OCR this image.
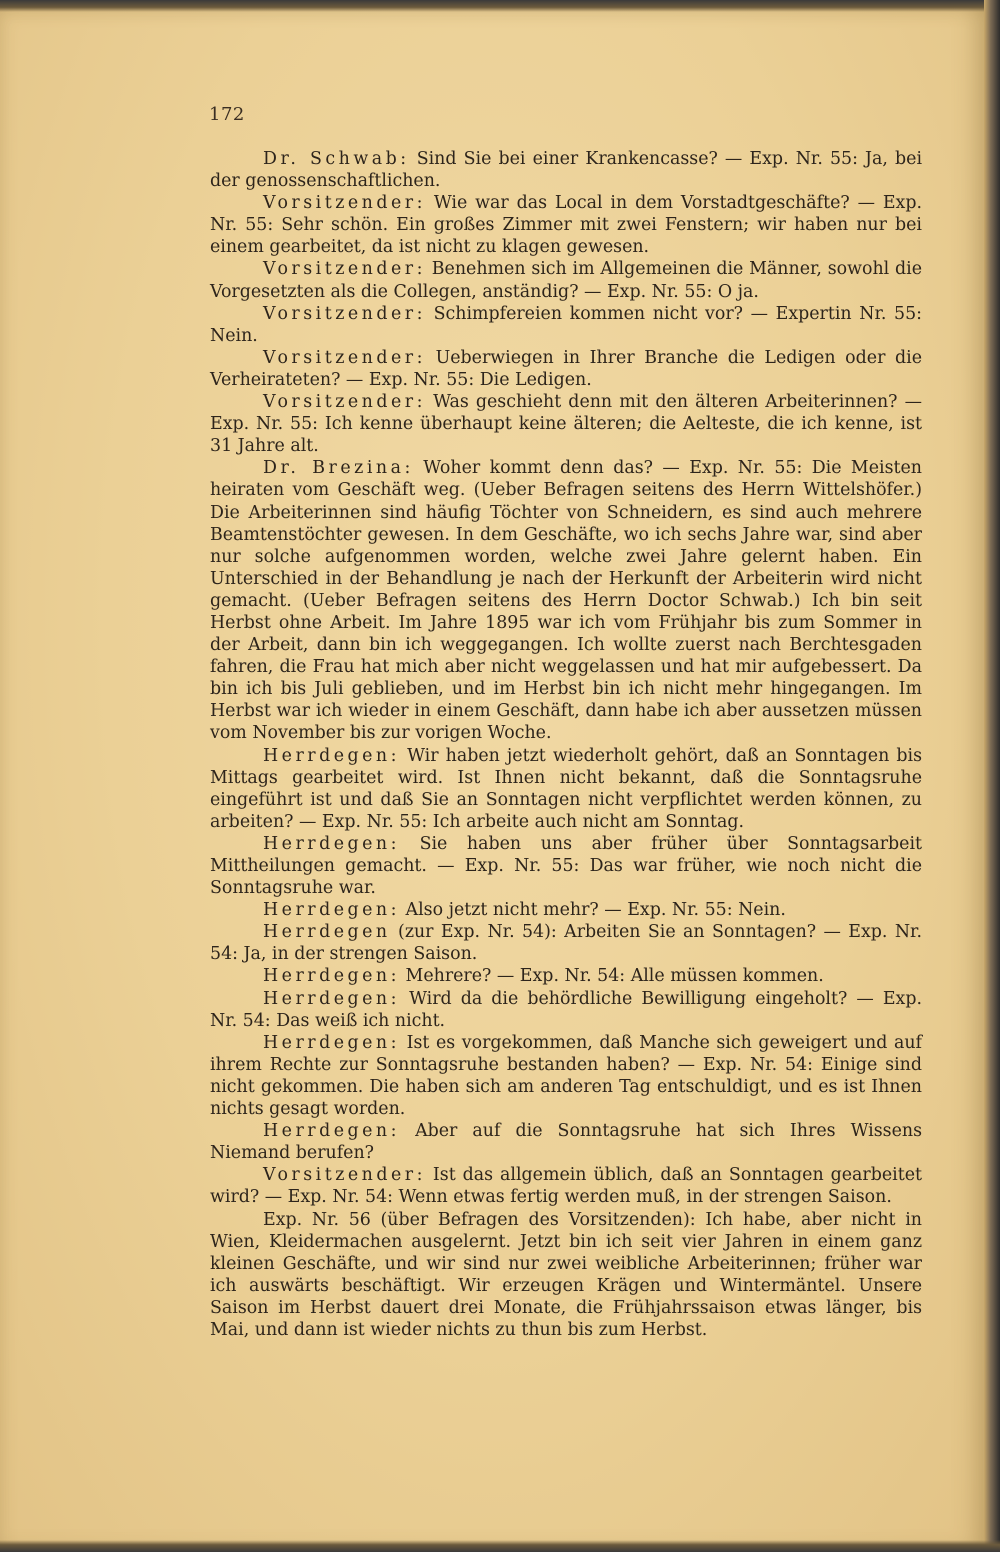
172

Dr. Schwab: Sind Sie bei einer Krankencasse? — Exp. Nr. 55: Ja, bei der genossenschaftlichen.

Vorsitzender: Wie war das Local in dem Vorstadtgeschäfte? — Exp. Nr. 55: Sehr schön. Ein großes Zimmer mit zwei Fenstern; wir haben nur bei einem gearbeitet, da ist nicht zu klagen gewesen.

Vorsitzender: Benehmen sich im Allgemeinen die Männer, sowohl die Vorgesetzten als die Collegen, anständig? — Exp. Nr. 55: O ja.

Vorsitzender: Schimpfereien kommen nicht vor? — Expertin Nr. 55: Nein.

Vorsitzender: Ueberwiegen in Ihrer Branche die Ledigen oder die Verheirateten? — Exp. Nr. 55: Die Ledigen.

Vorsitzender: Was geschieht denn mit den älteren Arbeiterinnen? — Exp. Nr. 55: Ich kenne überhaupt keine älteren; die Aelteste, die ich kenne, ist 31 Jahre alt.

Dr. Brezina: Woher kommt denn das? — Exp. Nr. 55: Die Meisten heiraten vom Geschäft weg. (Ueber Befragen seitens des Herrn Wittelshöfer.) Die Arbeiterinnen sind häufig Töchter von Schneidern, es sind auch mehrere Beamtenstöchter gewesen. In dem Geschäfte, wo ich sechs Jahre war, sind aber nur solche aufgenommen worden, welche zwei Jahre gelernt haben. Ein Unterschied in der Behandlung je nach der Herkunft der Arbeiterin wird nicht gemacht. (Ueber Befragen seitens des Herrn Doctor Schwab.) Ich bin seit Herbst ohne Arbeit. Im Jahre 1895 war ich vom Frühjahr bis zum Sommer in der Arbeit, dann bin ich weggegangen. Ich wollte zuerst nach Berchtesgaden fahren, die Frau hat mich aber nicht weggelassen und hat mir aufgebessert. Da bin ich bis Juli geblieben, und im Herbst bin ich nicht mehr hingegangen. Im Herbst war ich wieder in einem Geschäft, dann habe ich aber aussetzen müssen vom November bis zur vorigen Woche.

Herrdegen: Wir haben jetzt wiederholt gehört, daß an Sonntagen bis Mittags gearbeitet wird. Ist Ihnen nicht bekannt, daß die Sonntagsruhe eingeführt ist und daß Sie an Sonntagen nicht verpflichtet werden können, zu arbeiten? — Exp. Nr. 55: Ich arbeite auch nicht am Sonntag.

Herrdegen: Sie haben uns aber früher über Sonntagsarbeit Mittheilungen gemacht. — Exp. Nr. 55: Das war früher, wie noch nicht die Sonntagsruhe war.

Herrdegen: Also jetzt nicht mehr? — Exp. Nr. 55: Nein.

Herrdegen (zur Exp. Nr. 54): Arbeiten Sie an Sonntagen? — Exp. Nr. 54: Ja, in der strengen Saison.

Herrdegen: Mehrere? — Exp. Nr. 54: Alle müssen kommen.

Herrdegen: Wird da die behördliche Bewilligung eingeholt? — Exp. Nr. 54: Das weiß ich nicht.

Herrdegen: Ist es vorgekommen, daß Manche sich geweigert und auf ihrem Rechte zur Sonntagsruhe bestanden haben? — Exp. Nr. 54: Einige sind nicht gekommen. Die haben sich am anderen Tag entschuldigt, und es ist Ihnen nichts gesagt worden.

Herrdegen: Aber auf die Sonntagsruhe hat sich Ihres Wissens Niemand berufen?

Vorsitzender: Ist das allgemein üblich, daß an Sonntagen gearbeitet wird? — Exp. Nr. 54: Wenn etwas fertig werden muß, in der strengen Saison.

Exp. Nr. 56 (über Befragen des Vorsitzenden): Ich habe, aber nicht in Wien, Kleidermachen ausgelernt. Jetzt bin ich seit vier Jahren in einem ganz kleinen Geschäfte, und wir sind nur zwei weibliche Arbeiterinnen; früher war ich auswärts beschäftigt. Wir erzeugen Krägen und Wintermäntel. Unsere Saison im Herbst dauert drei Monate, die Frühjahrssaison etwas länger, bis Mai, und dann ist wieder nichts zu thun bis zum Herbst.
